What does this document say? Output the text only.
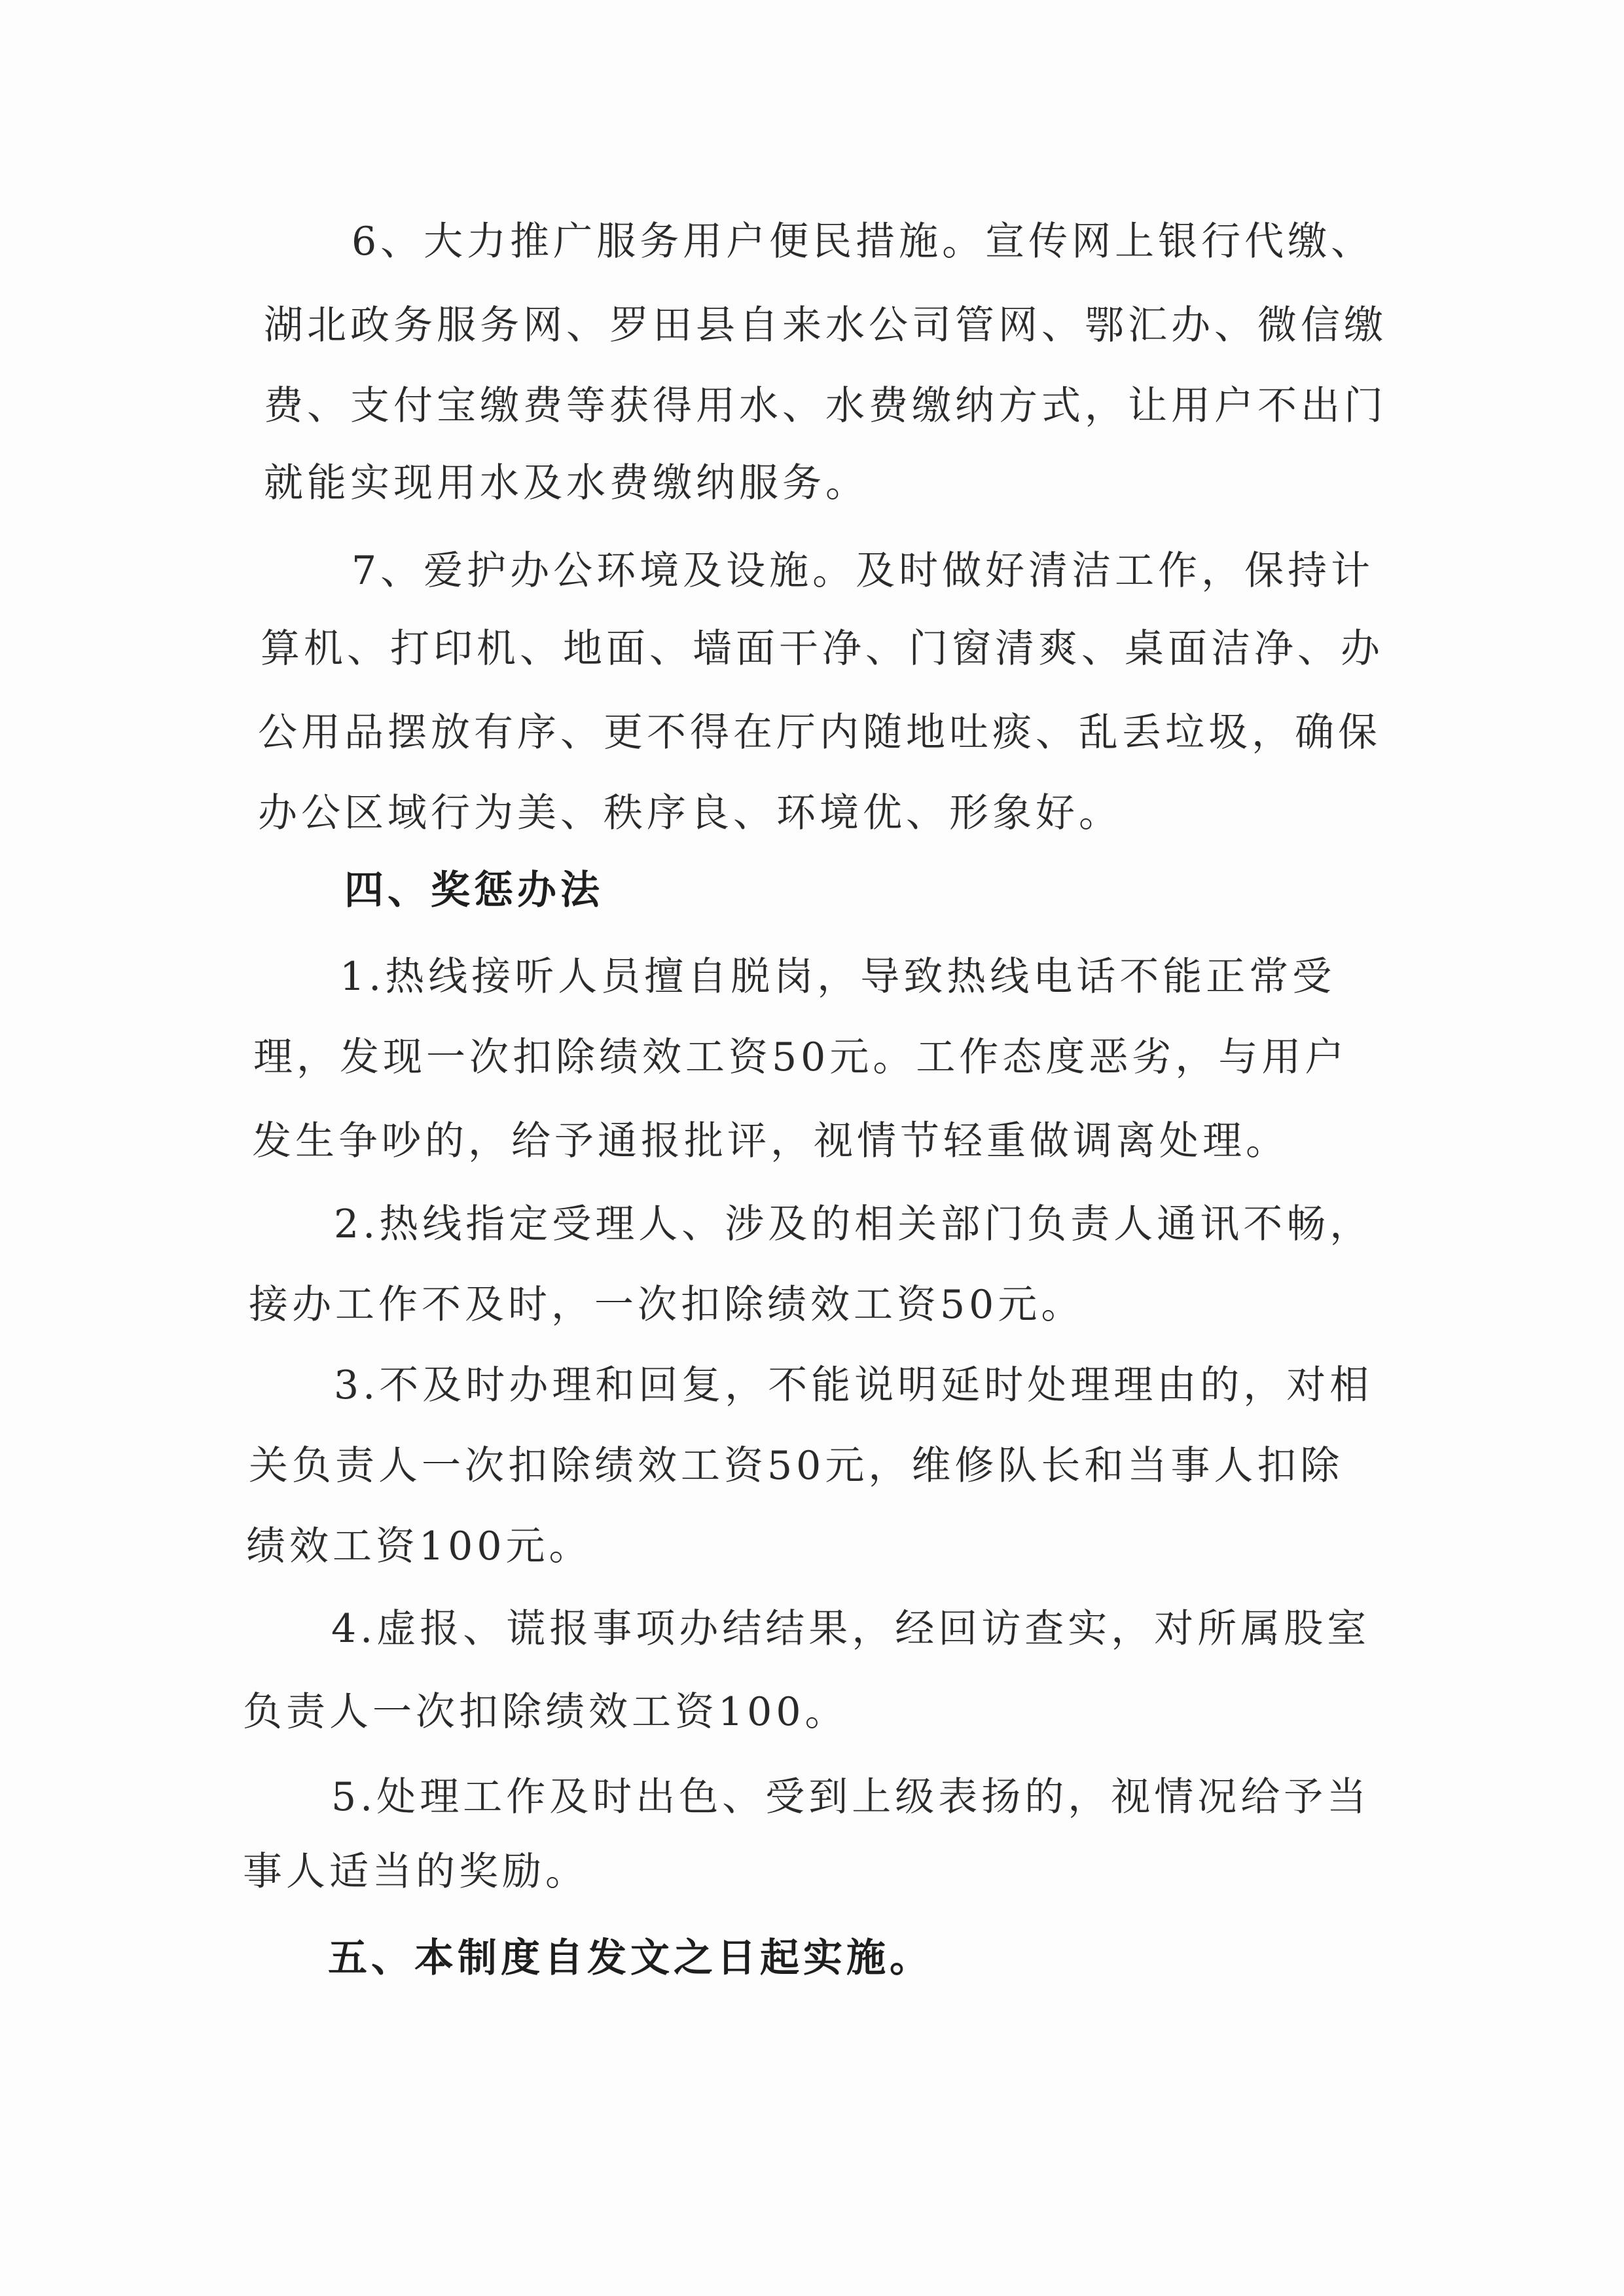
6、大力推广服务用户便民措施。宣传网上银行代缴、
湖北政务服务网、罗田县自来水公司管网、鄂汇办、微信缴
费、支付宝缴费等获得用水、水费缴纳方式，让用户不出门
就能实现用水及水费缴纳服务。
7、爱护办公环境及设施。及时做好清洁工作，保持计
算机、打印机、地面、墙面干净、门窗清爽、桌面洁净、办
公用品摆放有序、更不得在厅内随地吐痰、乱丢垃圾，确保
办公区域行为美、秩序良、环境优、形象好。
四、奖惩办法
1.热线接听人员擅自脱岗，导致热线电话不能正常受
理，发现一次扣除绩效工资50元。工作态度恶劣，与用户
发生争吵的，给予通报批评，视情节轻重做调离处理。
2.热线指定受理人、涉及的相关部门负责人通讯不畅，
接办工作不及时，一次扣除绩效工资50元。
3.不及时办理和回复，不能说明延时处理理由的，对相
关负责人一次扣除绩效工资50元，维修队长和当事人扣除
绩效工资100元。
4.虚报、谎报事项办结结果，经回访查实，对所属股室
负责人一次扣除绩效工资100。
5.处理工作及时出色、受到上级表扬的，视情况给予当
事人适当的奖励。
五、本制度自发文之日起实施。
